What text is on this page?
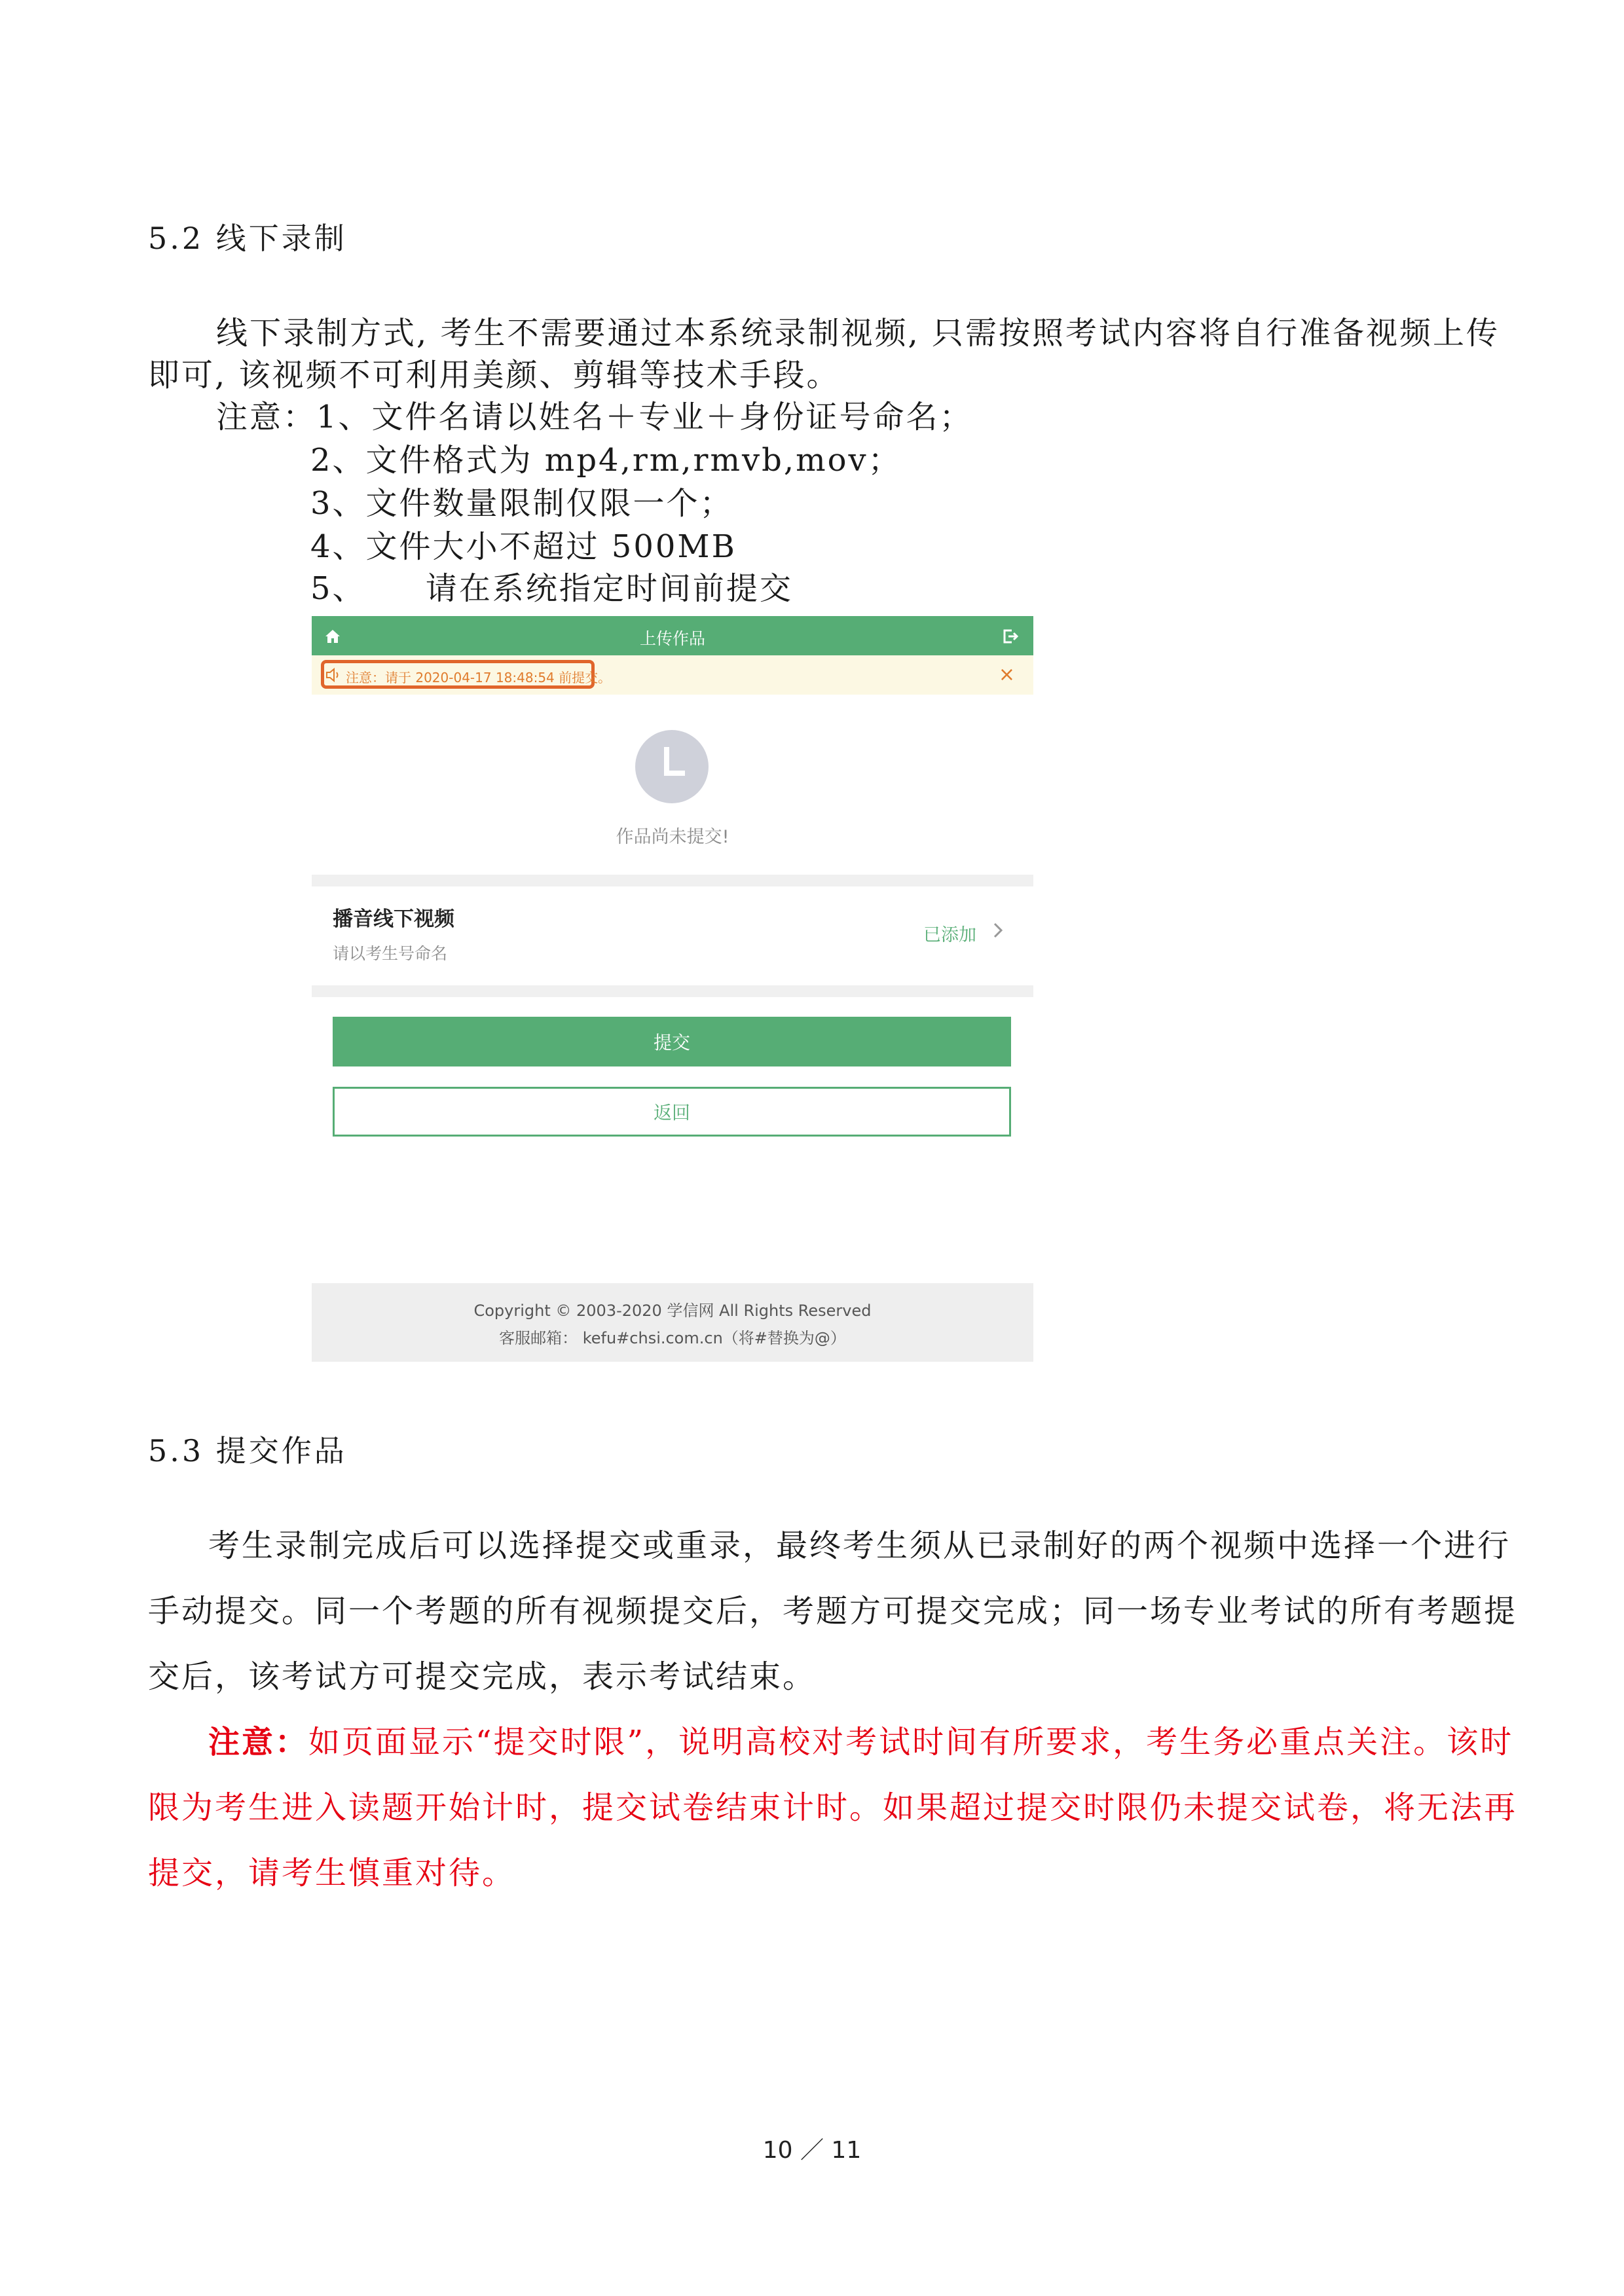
5.2 线下录制
线下录制方式, 考生不需要通过本系统录制视频, 只需按照考试内容将自行准备视频上传
即可, 该视频不可利用美颜、剪辑等技术手段。
注意：1、文件名请以姓名＋专业＋身份证号命名；
2、文件格式为 mp4,rm,rmvb,mov；
3、文件数量限制仅限一个；
4、文件大小不超过 500MB
5、     请在系统指定时间前提交
上传作品
注意：请于 2020-04-17 18:48:54 前提交。	×
作品尚未提交!
播音线下视频
请以考生号命名
已添加
提交
返回
Copyright © 2003-2020 学信网 All Rights Reserved
客服邮箱： kefu#chsi.com.cn（将#替换为@）
5.3 提交作品
考生录制完成后可以选择提交或重录，最终考生须从已录制好的两个视频中选择一个进行
手动提交。同一个考题的所有视频提交后，考题方可提交完成；同一场专业考试的所有考题提
交后，该考试方可提交完成，表示考试结束。
注意：如页面显示“提交时限”，说明高校对考试时间有所要求，考生务必重点关注。该时
限为考生进入读题开始计时，提交试卷结束计时。如果超过提交时限仍未提交试卷，将无法再
提交，请考生慎重对待。
10 ／ 11
